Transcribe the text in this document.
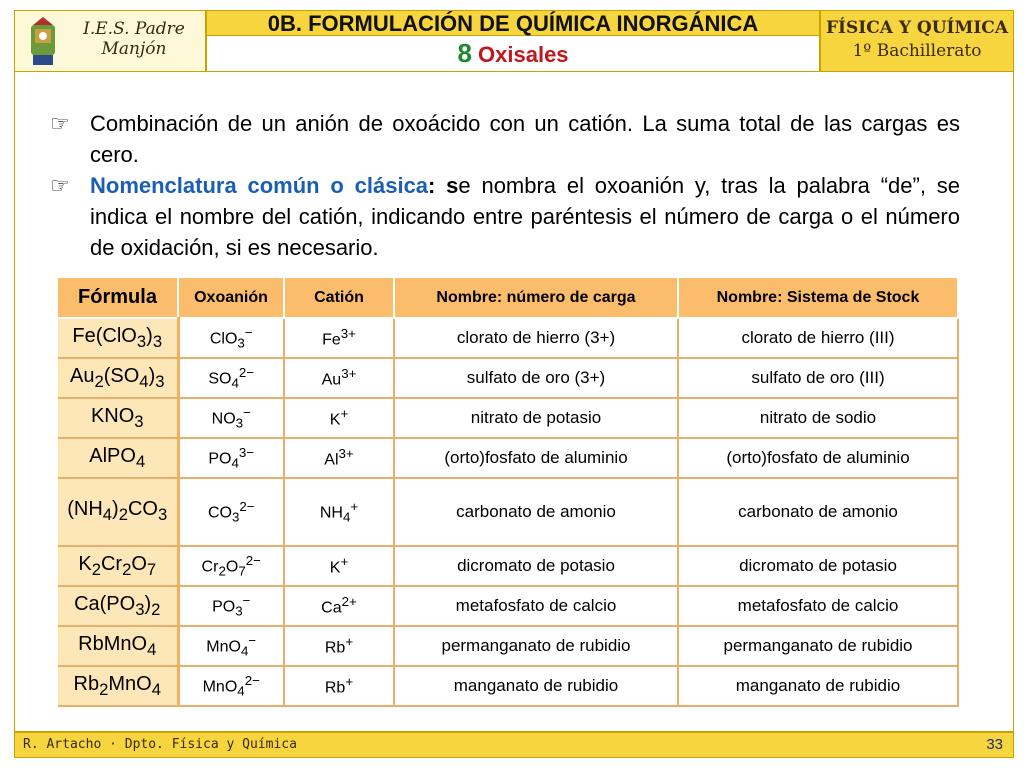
I.E.S. Padre
Manjón
0B. FORMULACIÓN DE QUÍMICA INORGÁNICA
8 Oxisales
FÍSICA Y QUÍMICA
1º Bachillerato
☞ Combinación de un anión de oxoácido con un catión. La suma total de las cargas es cero.
☞ Nomenclatura común o clásica: se nombra el oxoanión y, tras la palabra “de”, se indica el nombre del catión, indicando entre paréntesis el número de carga o el número de oxidación, si es necesario.
Fórmula	Oxoanión	Catión	Nombre: número de carga	Nombre: Sistema de Stock
$Fe(ClO_3)_3$	ClO$_3$−	$Fe^{3+}$	clorato de hierro (3+)	clorato de hierro (III)
$Au_2(SO_4)_3$	$SO_4^{2-}$	$Au^{3+}$	sulfato de oro (3+)	sulfato de oro (III)
$KNO_3$	$NO_3^-$	K+	nitrato de potasio	nitrato de sodio
AlPO$_4$	$PO_4^{3-}$	$Al^{3+}$	(orto)fosfato de aluminio	(orto)fosfato de aluminio
$(NH_4)_2CO_3$	$CO_3^{2-}$	$NH_4^+$	carbonato de amonio	carbonato de amonio
$K_2Cr_2O_7$	$Cr_2O_7^{2-}$	K+	dicromato de potasio	dicromato de potasio
$Ca(PO_3)_2$	$PO_3^-$	$Ca^{2+}$	metafosfato de calcio	metafosfato de calcio
RbMnO$_4$	MnO$_4$−	Rb+	permanganato de rubidio	permanganato de rubidio
$Rb_2MnO_4$	MnO$_4^{2-}$	Rb+	manganato de rubidio	manganato de rubidio
R. Artacho · Dpto. Física y Química	33
